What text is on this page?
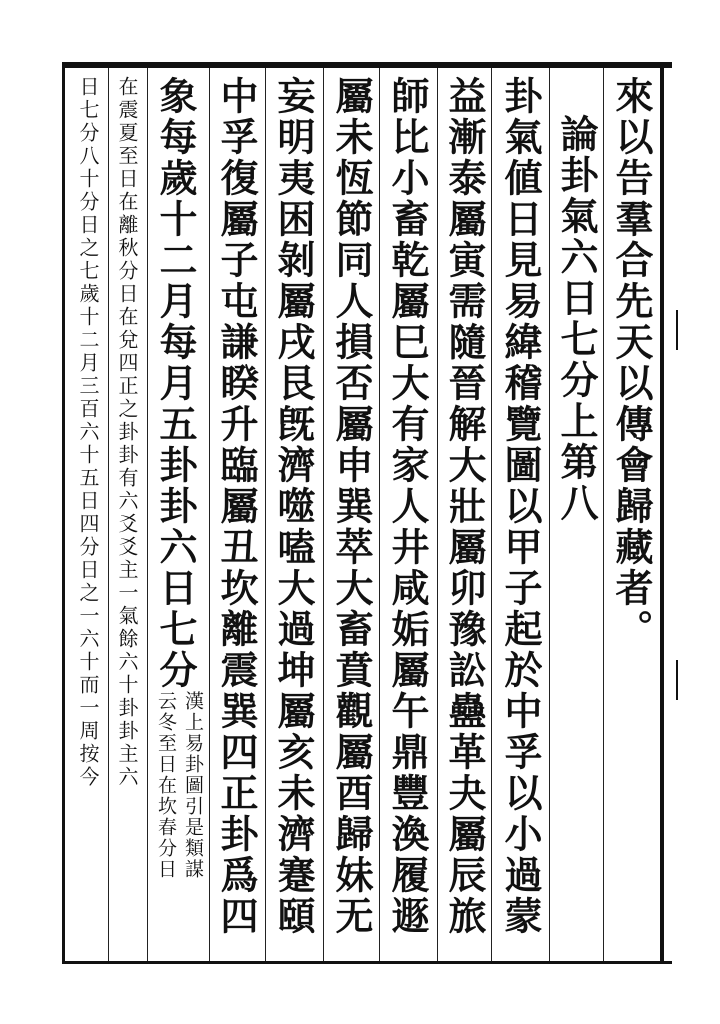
來以告羣合先天以傳會歸藏者。
論卦氣六日七分上第八
卦氣値日見易緯稽覽圖以甲子起於中孚以小過蒙
益漸泰屬寅需隨晉解大壯屬卯豫訟蠱革夬屬辰旅
師比小畜乾屬巳大有家人井咸姤屬午鼎豐渙履遯
屬未恆節同人損否屬申巽萃大畜賁觀屬酉歸妹无
妄明夷困剝屬戌艮旣濟噬嗑大過坤屬亥未濟蹇頤
中孚復屬子屯謙睽升臨屬丑坎離震巽四正卦爲四
象每歲十二月每月五卦卦六日七分
漢上易卦圖引是類謀
云冬至日在坎春分日
在震夏至日在離秋分日在兌四正之卦卦有六爻爻主一氣餘六十卦卦主六
日七分八十分日之七歲十二月三百六十五日四分日之一六十而一周按今
